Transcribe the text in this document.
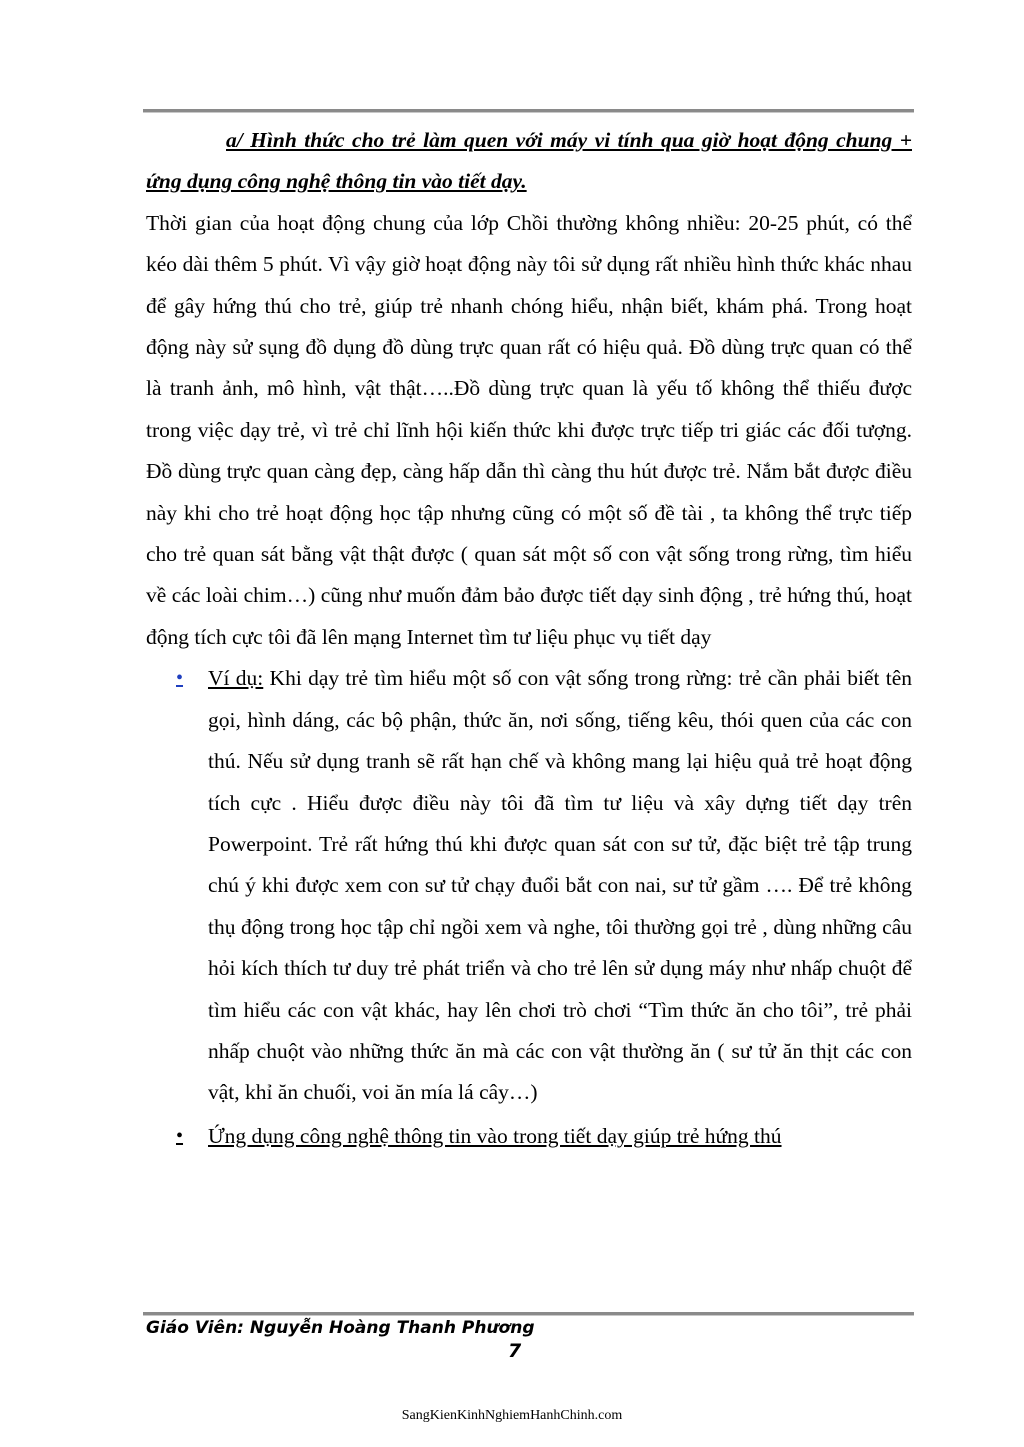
a/ Hình thức cho trẻ làm quen với máy vi tính qua giờ hoạt động chung + ứng dụng công nghệ thông tin vào tiết dạy.

Thời gian của hoạt động chung của lớp Chồi thường không nhiều: 20-25 phút, có thể kéo dài thêm 5 phút. Vì vậy giờ hoạt động này tôi sử dụng rất nhiều hình thức khác nhau để gây hứng thú cho trẻ, giúp trẻ nhanh chóng hiểu, nhận biết, khám phá. Trong hoạt động này sử sụng đồ dụng đồ dùng trực quan rất có hiệu quả. Đồ dùng trực quan có thể là tranh ảnh, mô hình, vật thật…..Đồ dùng trực quan là yếu tố không thể thiếu được trong việc dạy trẻ, vì trẻ chỉ lĩnh hội kiến thức khi được trực tiếp tri giác các đối tượng. Đồ dùng trực quan càng đẹp, càng hấp dẫn thì càng thu hút được trẻ. Nắm bắt được điều này khi cho trẻ hoạt động học tập nhưng cũng có một số đề tài , ta không thể trực tiếp cho trẻ quan sát bằng vật thật được ( quan sát một số con vật sống trong rừng, tìm hiểu về các loài chim…) cũng như muốn đảm bảo được tiết dạy sinh động , trẻ hứng thú, hoạt động tích cực tôi đã lên mạng Internet tìm tư liệu phục vụ tiết dạy

• Ví dụ: Khi dạy trẻ tìm hiểu một số con vật sống trong rừng: trẻ cần phải biết tên gọi, hình dáng, các bộ phận, thức ăn, nơi sống, tiếng kêu, thói quen của các con thú. Nếu sử dụng tranh sẽ rất hạn chế và không mang lại hiệu quả trẻ hoạt động tích cực . Hiểu được điều này tôi đã tìm tư liệu và xây dựng tiết dạy trên Powerpoint. Trẻ rất hứng thú khi được quan sát con sư tử, đặc biệt trẻ tập trung chú ý khi được xem con sư tử chạy đuổi bắt con nai, sư tử gầm …. Để trẻ không thụ động trong học tập chỉ ngồi xem và nghe, tôi thường gọi trẻ , dùng những câu hỏi kích thích tư duy trẻ phát triển và cho trẻ lên sử dụng máy như nhấp chuột để tìm hiểu các con vật khác, hay lên chơi trò chơi “Tìm thức ăn cho tôi”, trẻ phải nhấp chuột vào những thức ăn mà các con vật thường ăn ( sư tử ăn thịt các con vật, khỉ ăn chuối, voi ăn mía lá cây…)

• Ứng dụng công nghệ thông tin vào trong tiết dạy giúp trẻ hứng thú

Giáo Viên: Nguyễn Hoàng Thanh Phương
7
SangKienKinhNghiemHanhChinh.com
